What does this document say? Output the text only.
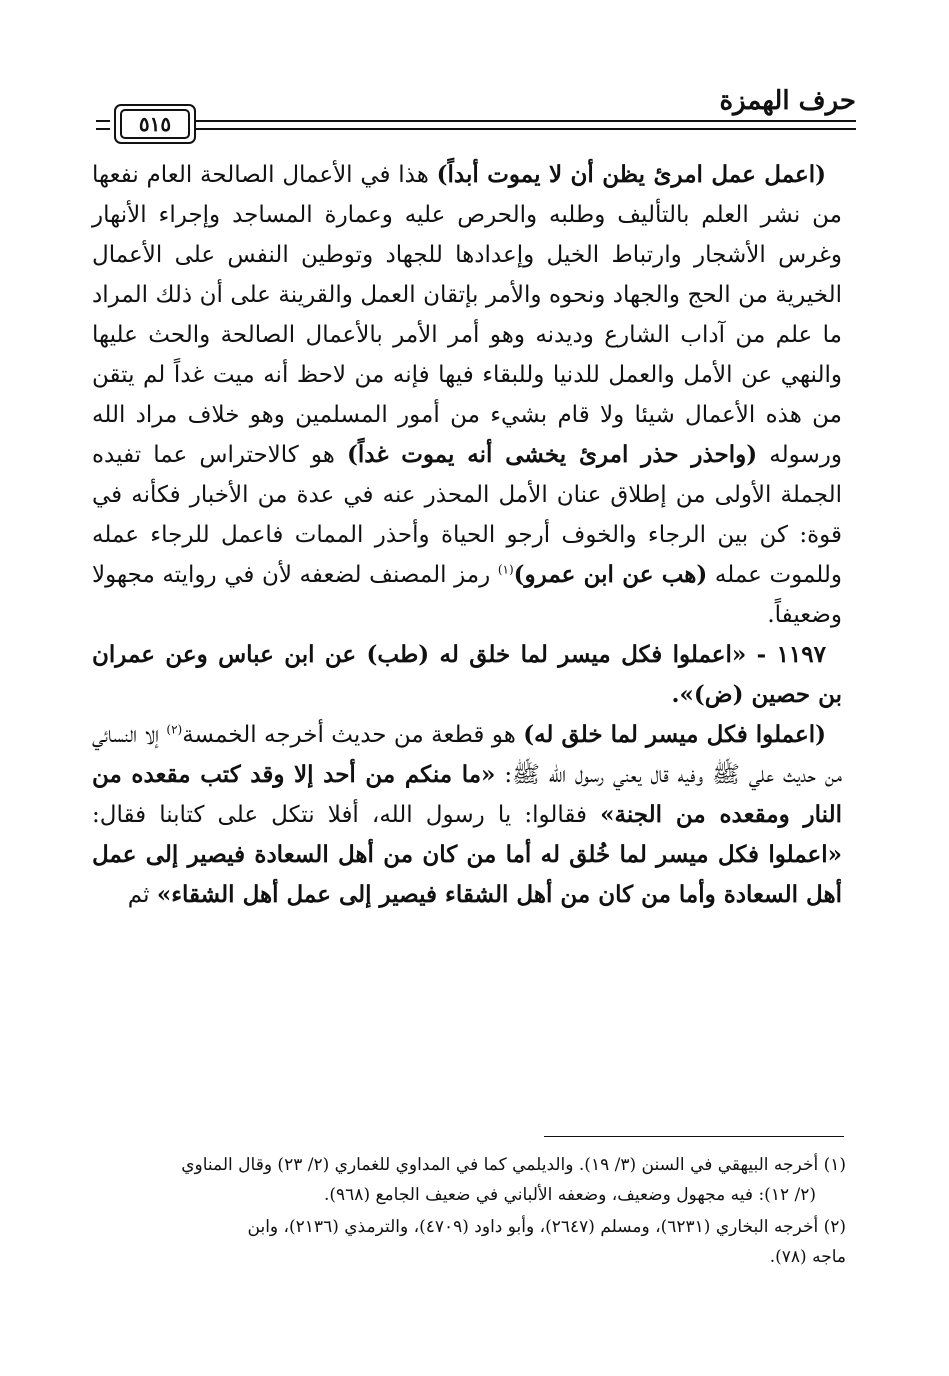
حرف الهمزة
٥١٥

(اعمل عمل امرئ يظن أن لا يموت أبداً) هذا في الأعمال الصالحة العام نفعها من نشر العلم بالتأليف وطلبه والحرص عليه وعمارة المساجد وإجراء الأنهار وغرس الأشجار وارتباط الخيل وإعدادها للجهاد وتوطين النفس على الأعمال الخيرية من الحج والجهاد ونحوه والأمر بإتقان العمل والقرينة على أن ذلك المراد ما علم من آداب الشارع وديدنه وهو أمر الأمر بالأعمال الصالحة والحث عليها والنهي عن الأمل والعمل للدنيا وللبقاء فيها فإنه من لاحظ أنه ميت غداً لم يتقن من هذه الأعمال شيئا ولا قام بشيء من أمور المسلمين وهو خلاف مراد الله ورسوله (واحذر حذر امرئ يخشى أنه يموت غداً) هو كالاحتراس عما تفيده الجملة الأولى من إطلاق عنان الأمل المحذر عنه في عدة من الأخبار فكأنه في قوة: كن بين الرجاء والخوف أرجو الحياة وأحذر الممات فاعمل للرجاء عمله وللموت عمله (هب عن ابن عمرو)$^{(١)}$ رمز المصنف لضعفه لأن في روايته مجهولا وضعيفاً.

١١٩٧ - «اعملوا فكل ميسر لما خلق له (طب) عن ابن عباس وعن عمران بن حصين (ض)».

(اعملوا فكل ميسر لما خلق له) هو قطعة من حديث أخرجه الخمسة$^{(٢)}$ إلا النسائي من حديث علي ﷺ وفيه قال يعني رسول الله ﷺ: «ما منكم من أحد إلا وقد كتب مقعده من النار ومقعده من الجنة» فقالوا: يا رسول الله، أفلا نتكل على كتابنا فقال: «اعملوا فكل ميسر لما خُلق له أما من كان من أهل السعادة فيصير إلى عمل أهل السعادة وأما من كان من أهل الشقاء فيصير إلى عمل أهل الشقاء» ثم

(١) أخرجه البيهقي في السنن (٣/ ١٩). والديلمي كما في المداوي للغماري (٢/ ٢٣) وقال المناوي
(٢/ ١٢): فيه مجهول وضعيف، وضعفه الألباني في ضعيف الجامع (٩٦٨).

(٢) أخرجه البخاري (٦٢٣١)، ومسلم (٢٦٤٧)، وأبو داود (٤٧٠٩)، والترمذي (٢١٣٦)، وابن
ماجه (٧٨).
